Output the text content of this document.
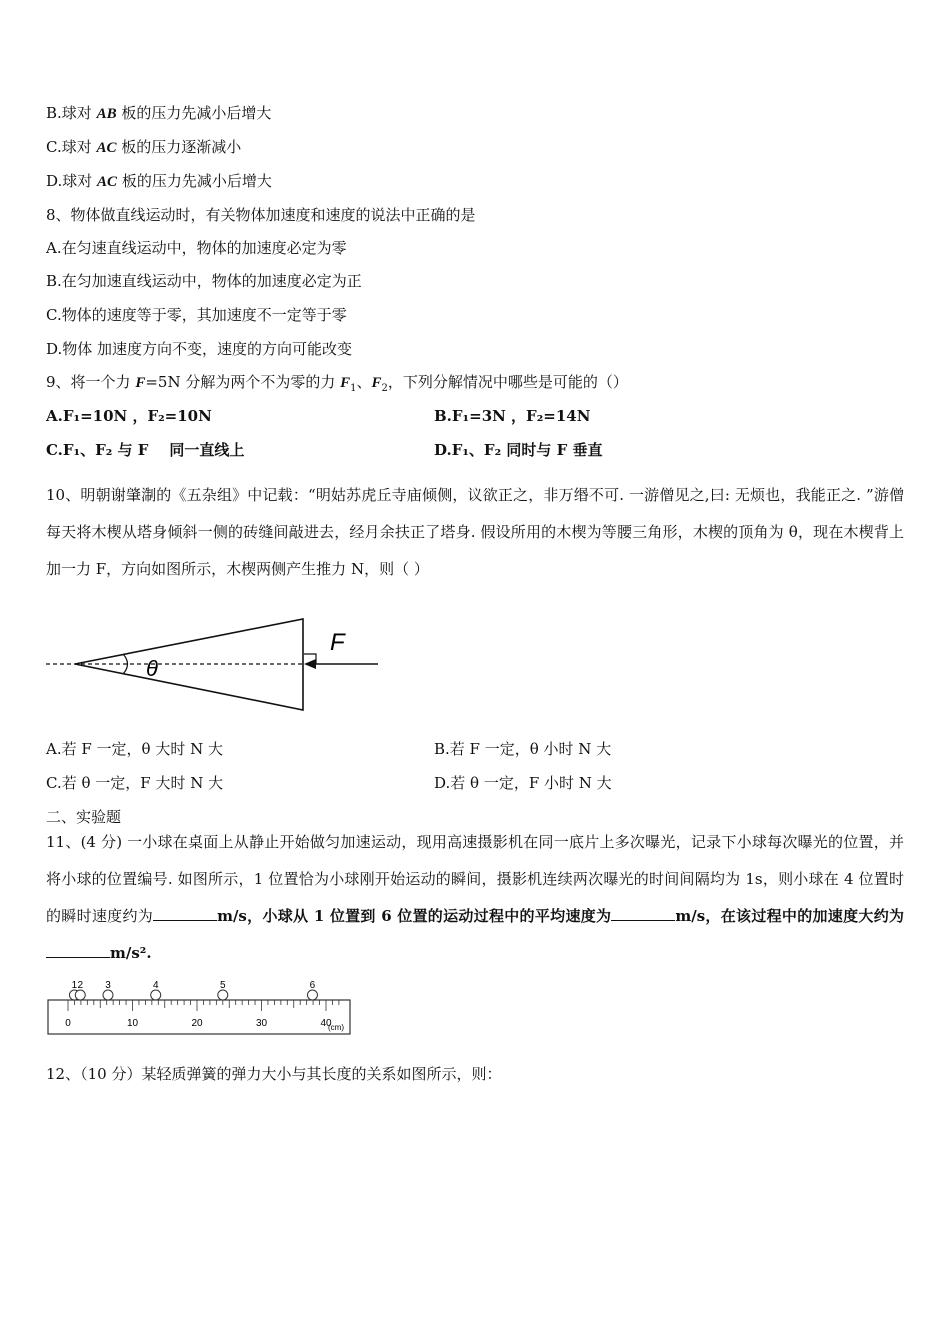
B.球对 AB 板的压力先减小后增大
C.球对 AC 板的压力逐渐减小
D.球对 AC 板的压力先减小后增大
8、物体做直线运动时，有关物体加速度和速度的说法中正确的是
A.在匀速直线运动中，物体的加速度必定为零
B.在匀加速直线运动中，物体的加速度必定为正
C.物体的速度等于零，其加速度不一定等于零
D.物体 加速度方向不变，速度的方向可能改变
9、将一个力 F=5N 分解为两个不为零的力 $F_1$、$F_2$，下列分解情况中哪些是可能的（）
A.F₁=10N ，F₂=10N	B.F₁=3N ，F₂=14N
C.F₁、F₂ 与 F    同一直线上	D.F₁、F₂ 同时与 F 垂直
10、明朝谢肇淛的《五杂组》中记载：“明姑苏虎丘寺庙倾侧，议欲正之，非万缗不可. 一游僧见之,曰: 无烦也，我能正之. ”游僧每天将木楔从塔身倾斜一侧的砖缝间敲进去，经月余扶正了塔身. 假设所用的木楔为等腰三角形，木楔的顶角为 θ，现在木楔背上加一力 F，方向如图所示，木楔两侧产生推力 N，则（ ）
θ
F
A.若 F 一定，θ 大时 N 大	B.若 F 一定，θ 小时 N 大
C.若 θ 一定，F 大时 N 大	D.若 θ 一定，F 小时 N 大
二、实验题
11、(4 分) 一小球在桌面上从静止开始做匀加速运动，现用高速摄影机在同一底片上多次曝光，记录下小球每次曝光的位置，并将小球的位置编号. 如图所示，1 位置恰为小球刚开始运动的瞬间，摄影机连续两次曝光的时间间隔均为 1s，则小球在 4 位置时的瞬时速度约为	m/s，小球从 1 位置到 6 位置的运动过程中的平均速度为	m/s，在该过程中的加速度大约为m/s².
0	10	20	30	40
1 2 3	4	5	6
(cm)
12、（10 分）某轻质弹簧的弹力大小与其长度的关系如图所示，则：
